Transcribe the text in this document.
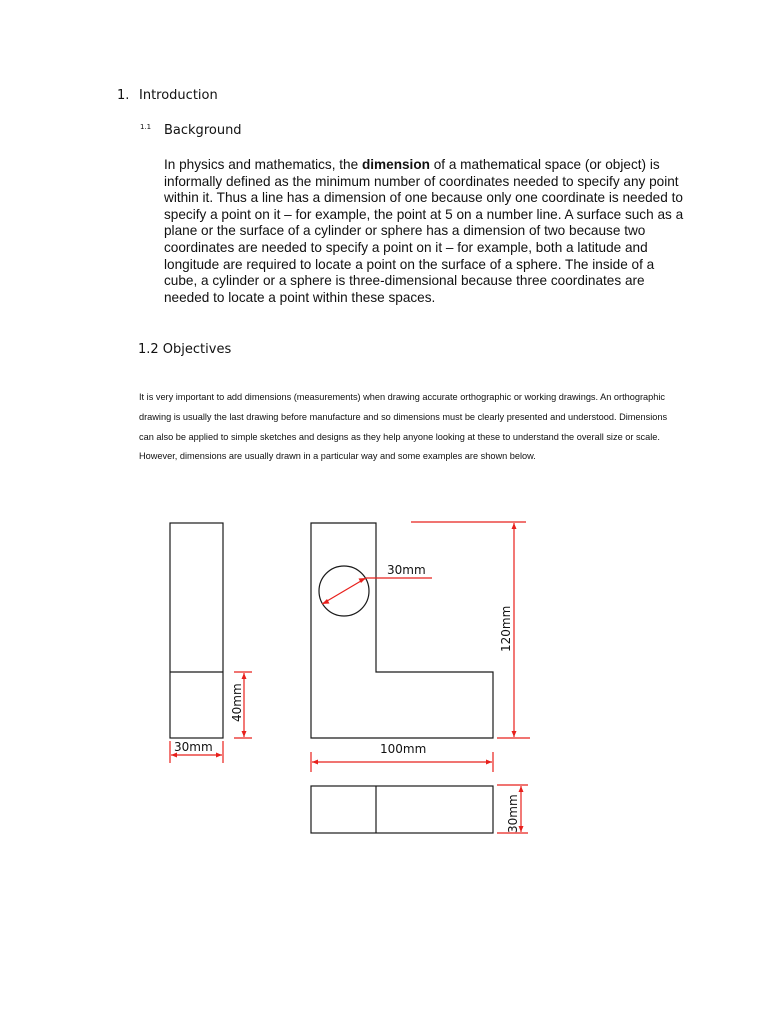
1. Introduction
1.1 Background
In physics and mathematics, the dimension of a mathematical space (or object) is informally defined as the minimum number of coordinates needed to specify any point within it. Thus a line has a dimension of one because only one coordinate is needed to specify a point on it – for example, the point at 5 on a number line. A surface such as a plane or the surface of a cylinder or sphere has a dimension of two because two coordinates are needed to specify a point on it – for example, both a latitude and longitude are required to locate a point on the surface of a sphere. The inside of a cube, a cylinder or a sphere is three-dimensional because three coordinates are needed to locate a point within these spaces.
1.2 Objectives
It is very important to add dimensions (measurements) when drawing accurate orthographic or working drawings. An orthographic drawing is usually the last drawing before manufacture and so dimensions must be clearly presented and understood. Dimensions can also be applied to simple sketches and designs as they help anyone looking at these to understand the overall size or scale. However, dimensions are usually drawn in a particular way and some examples are shown below.
30mm
40mm
30mm
120mm
100mm
30mm
